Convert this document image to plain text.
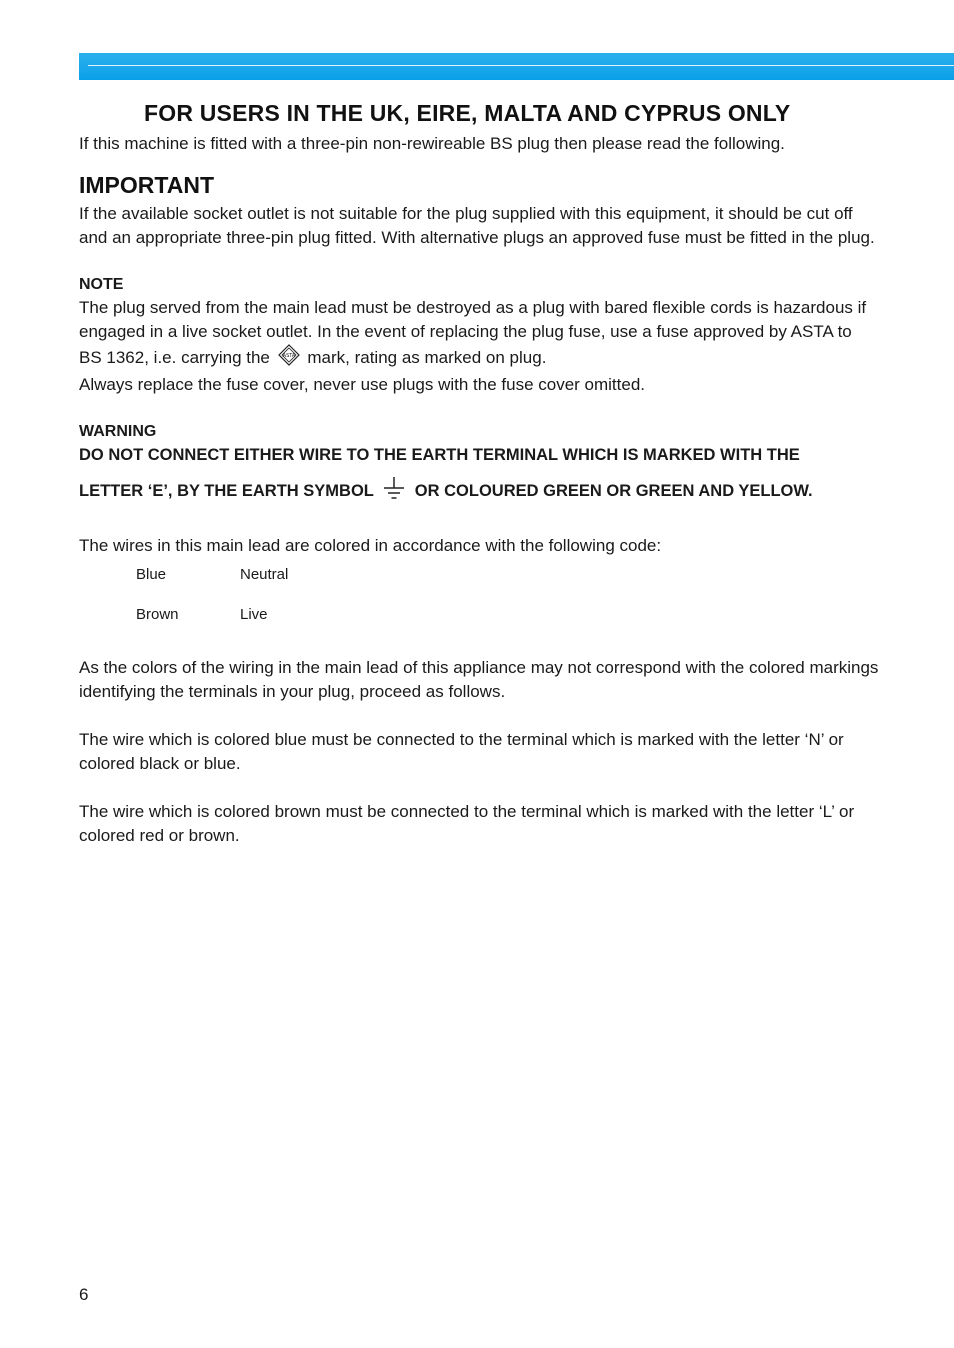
FOR USERS IN THE UK, EIRE, MALTA AND CYPRUS ONLY

If this machine is fitted with a three-pin non-rewireable BS plug then please read the following.

IMPORTANT

If the available socket outlet is not suitable for the plug supplied with this equipment, it should be cut off and an appropriate three-pin plug fitted. With alternative plugs an approved fuse must be fitted in the plug.

NOTE

The plug served from the main lead must be destroyed as a plug with bared flexible cords is hazardous if engaged in a live socket outlet. In the event of replacing the plug fuse, use a fuse approved by ASTA to BS 1362, i.e. carrying the ASTA mark, rating as marked on plug.

Always replace the fuse cover, never use plugs with the fuse cover omitted.

WARNING
DO NOT CONNECT EITHER WIRE TO THE EARTH TERMINAL WHICH IS MARKED WITH THE
LETTER ‘E’, BY THE EARTH SYMBOL OR COLOURED GREEN OR GREEN AND YELLOW.

The wires in this main lead are colored in accordance with the following code:

Blue	Neutral
Brown	Live

As the colors of the wiring in the main lead of this appliance may not correspond with the colored markings identifying the terminals in your plug, proceed as follows.

The wire which is colored blue must be connected to the terminal which is marked with the letter ‘N’ or colored black or blue.

The wire which is colored brown must be connected to the terminal which is marked with the letter ‘L’ or colored red or brown.

6
